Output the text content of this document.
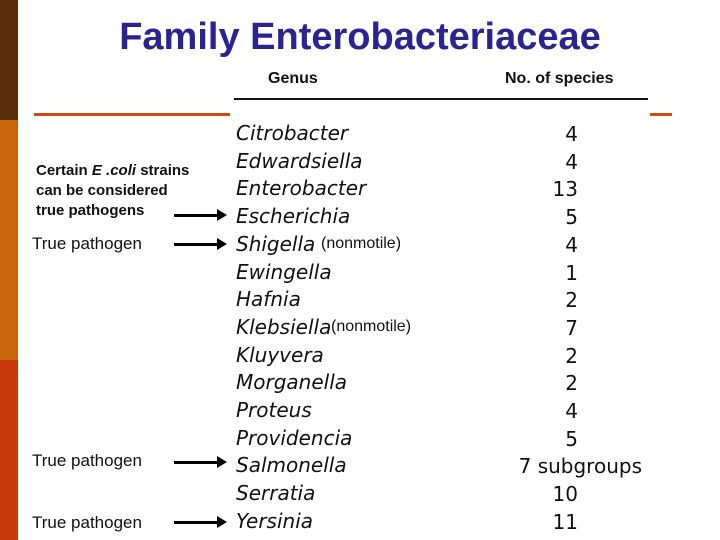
Family Enterobacteriaceae
Genus	No. of species
Citrobacter	4
Edwardsiella	4
Enterobacter	13
Escherichia	5
Shigella (nonmotile)	4
Ewingella	1
Hafnia	2
Klebsiella (nonmotile)	7
Kluyvera	2
Morganella	2
Proteus	4
Providencia	5
Salmonella	7 subgroups
Serratia	10
Yersinia	11
Certain E .coli strains
can be considered
true pathogens
True pathogen
True pathogen
True pathogen
